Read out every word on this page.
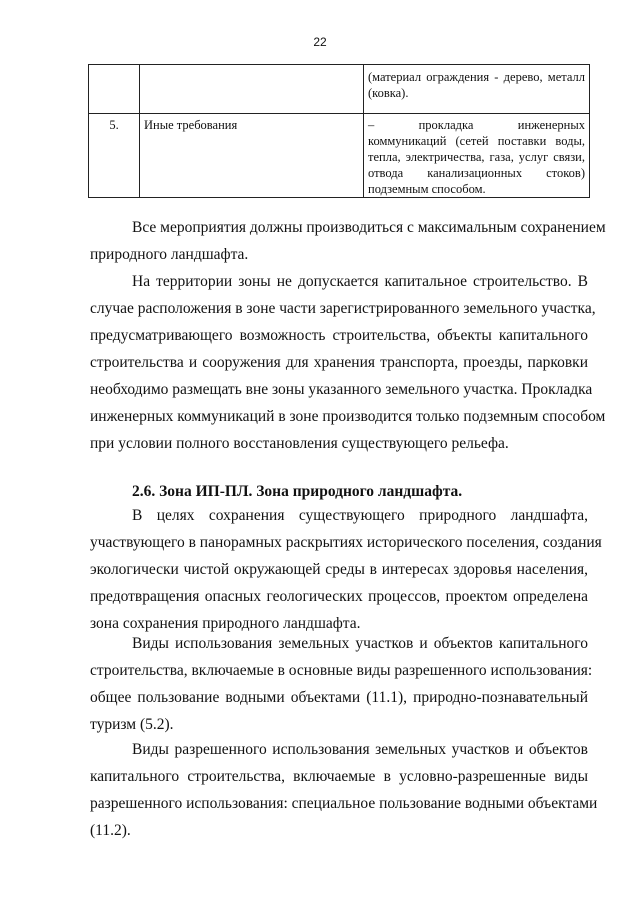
22

		(материал ограждения - дерево, металл
(ковка).

5.	Иные требования	– прокладка инженерных
коммуникаций (сетей поставки воды,
тепла, электричества, газа, услуг связи,
отвода канализационных стоков)
подземным способом.
Все мероприятия должны производиться с максимальным сохранением
природного ландшафта.
На территории зоны не допускается капитальное строительство. В
случае расположения в зоне части зарегистрированного земельного участка,
предусматривающего возможность строительства, объекты капитального
строительства и сооружения для хранения транспорта, проезды, парковки
необходимо размещать вне зоны указанного земельного участка. Прокладка
инженерных коммуникаций в зоне производится только подземным способом
при условии полного восстановления существующего рельефа.
2.6. Зона ИП-ПЛ. Зона природного ландшафта.
В целях сохранения существующего природного ландшафта,
участвующего в панорамных раскрытиях исторического поселения, создания
экологически чистой окружающей среды в интересах здоровья населения,
предотвращения опасных геологических процессов, проектом определена
зона сохранения природного ландшафта.
Виды использования земельных участков и объектов капитального
строительства, включаемые в основные виды разрешенного использования:
общее пользование водными объектами (11.1), природно-познавательный
туризм (5.2).
Виды разрешенного использования земельных участков и объектов
капитального строительства, включаемые в условно-разрешенные виды
разрешенного использования: специальное пользование водными объектами
(11.2).
